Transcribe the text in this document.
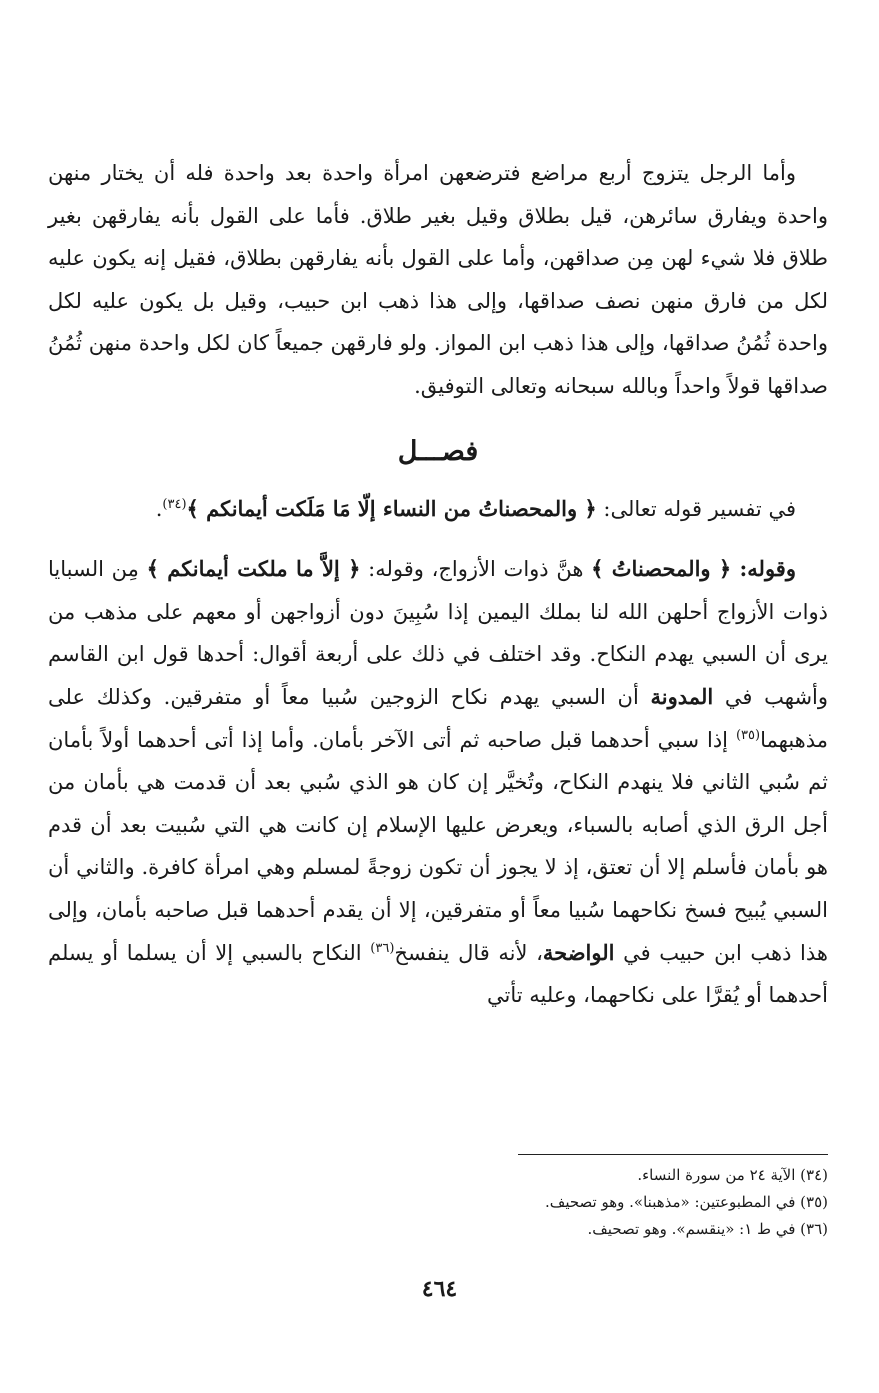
وأما الرجل يتزوج أربع مراضع فترضعهن امرأة واحدة بعد واحدة فله أن يختار منهن واحدة ويفارق سائرهن، قيل بطلاق وقيل بغير طلاق. فأما على القول بأنه يفارقهن بغير طلاق فلا شيء لهن مِن صداقهن، وأما على القول بأنه يفارقهن بطلاق، فقيل إنه يكون عليه لكل من فارق منهن نصف صداقها، وإلى هذا ذهب ابن حبيب، وقيل بل يكون عليه لكل واحدة ثُمُنُ صداقها، وإلى هذا ذهب ابن المواز. ولو فارقهن جميعاً كان لكل واحدة منهن ثُمُنُ صداقها قولاً واحداً وبالله سبحانه وتعالى التوفيق.

فصـــل

في تفسير قوله تعالى: ﴿ والمحصناتُ من النساء إلّا مَا مَلَكت أيمانكم ﴾$^{(٣٤)}$.

وقوله: ﴿ والمحصناتُ ﴾ هنَّ ذوات الأزواج، وقوله: ﴿ إلاَّ ما ملكت أيمانكم ﴾ مِن السبايا ذوات الأزواج أحلهن الله لنا بملك اليمين إذا سُبِينَ دون أزواجهن أو معهم على مذهب من يرى أن السبي يهدم النكاح. وقد اختلف في ذلك على أربعة أقوال: أحدها قول ابن القاسم وأشهب في المدونة أن السبي يهدم نكاح الزوجين سُبيا معاً أو متفرقين. وكذلك على مذهبهما$^{(٣٥)}$ إذا سبي أحدهما قبل صاحبه ثم أتى الآخر بأمان. وأما إذا أتى أحدهما أولاً بأمان ثم سُبي الثاني فلا ينهدم النكاح، وتُخيَّر إن كان هو الذي سُبي بعد أن قدمت هي بأمان من أجل الرق الذي أصابه بالسباء، ويعرض عليها الإسلام إن كانت هي التي سُبيت بعد أن قدم هو بأمان فأسلم إلا أن تعتق، إذ لا يجوز أن تكون زوجةً لمسلم وهي امرأة كافرة. والثاني أن السبي يُبيح فسخ نكاحهما سُبيا معاً أو متفرقين، إلا أن يقدم أحدهما قبل صاحبه بأمان، وإلى هذا ذهب ابن حبيب في الواضحة، لأنه قال ينفسخ$^{(٣٦)}$ النكاح بالسبي إلا أن يسلما أو يسلم أحدهما أو يُقرَّا على نكاحهما، وعليه تأتي

(٣٤) الآية ٢٤ من سورة النساء.
(٣٥) في المطبوعتين: «مذهبنا». وهو تصحيف.
(٣٦) في ط ١: «ينقسم». وهو تصحيف.
٤٦٤
